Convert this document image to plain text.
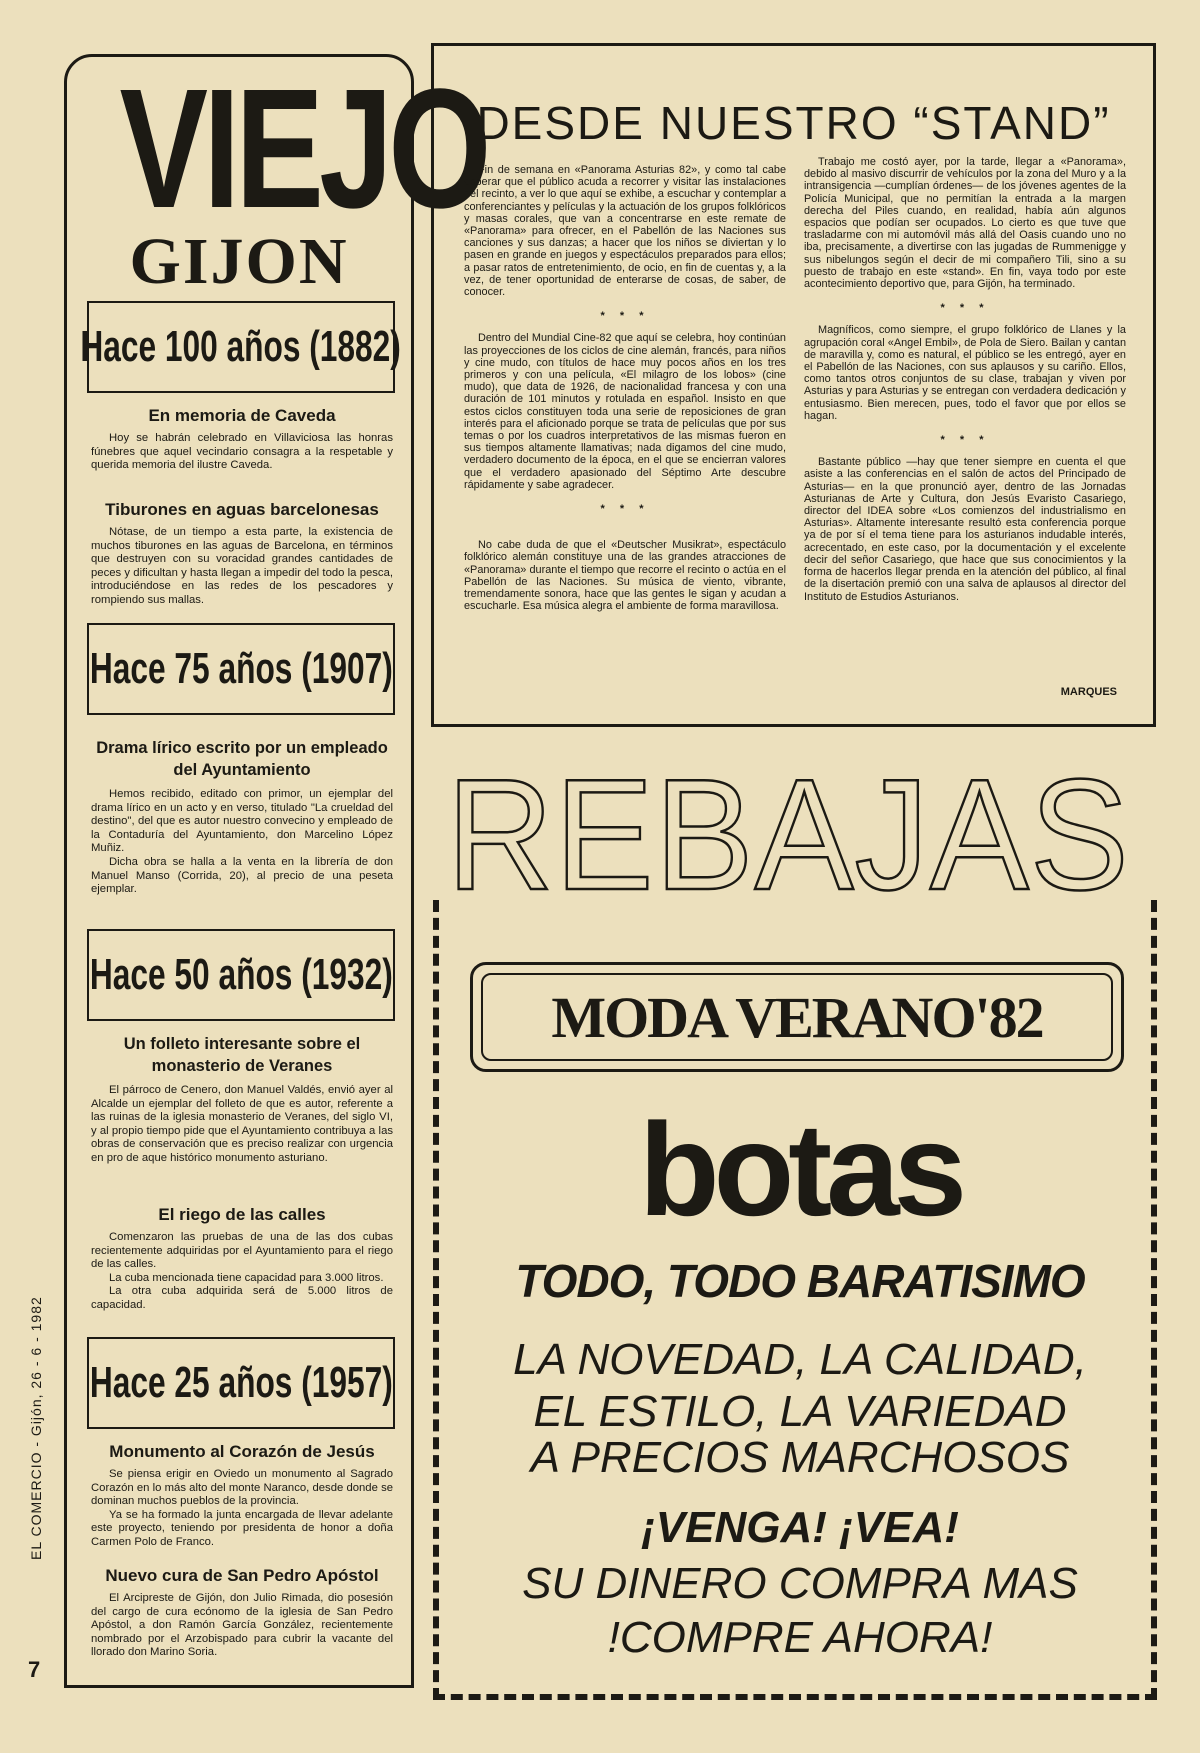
VIEJO
GIJON
Hace 100 años (1882)
En memoria de Caveda

Hoy se habrán celebrado en Villaviciosa las honras fúnebres que aquel vecindario consagra a la respetable y querida memoria del ilustre Caveda.

Tiburones en aguas barcelonesas

Nótase, de un tiempo a esta parte, la existencia de muchos tiburones en las aguas de Barcelona, en términos que destruyen con su voracidad grandes cantidades de peces y dificultan y hasta llegan a impedir del todo la pesca, introduciéndose en las redes de los pescadores y rompiendo sus mallas.

Hace 75 años (1907)
Drama lírico escrito por un empleado del Ayuntamiento

Hemos recibido, editado con primor, un ejemplar del drama lírico en un acto y en verso, titulado "La crueldad del destino", del que es autor nuestro convecino y empleado de la Contaduría del Ayuntamiento, don Marcelino López Muñiz.

Dicha obra se halla a la venta en la librería de don Manuel Manso (Corrida, 20), al precio de una peseta ejemplar.

Hace 50 años (1932)
Un folleto interesante sobre el monasterio de Veranes

El párroco de Cenero, don Manuel Valdés, envió ayer al Alcalde un ejemplar del folleto de que es autor, referente a las ruinas de la iglesia monasterio de Veranes, del siglo VI, y al propio tiempo pide que el Ayuntamiento contribuya a las obras de conservación que es preciso realizar con urgencia en pro de aque histórico monumento asturiano.

El riego de las calles

Comenzaron las pruebas de una de las dos cubas recientemente adquiridas por el Ayuntamiento para el riego de las calles.

La cuba mencionada tiene capacidad para 3.000 litros.

La otra cuba adquirida será de 5.000 litros de capacidad.

Hace 25 años (1957)
Monumento al Corazón de Jesús

Se piensa erigir en Oviedo un monumento al Sagrado Corazón en lo más alto del monte Naranco, desde donde se dominan muchos pueblos de la provincia.

Ya se ha formado la junta encargada de llevar adelante este proyecto, teniendo por presidenta de honor a doña Carmen Polo de Franco.

Nuevo cura de San Pedro Apóstol

El Arcipreste de Gijón, don Julio Rimada, dio posesión del cargo de cura ecónomo de la iglesia de San Pedro Apóstol, a don Ramón García González, recientemente nombrado por el Arzobispado para cubrir la vacante del llorado don Marino Soria.

DESDE NUESTRO “STAND”

Fin de semana en «Panorama Asturias 82», y como tal cabe esperar que el público acuda a recorrer y visitar las instalaciones del recinto, a ver lo que aquí se exhibe, a escuchar y contemplar a conferenciantes y películas y la actuación de los grupos folklóricos y masas corales, que van a concentrarse en este remate de «Panorama» para ofrecer, en el Pabellón de las Naciones sus canciones y sus danzas; a hacer que los niños se diviertan y lo pasen en grande en juegos y espectáculos preparados para ellos; a pasar ratos de entretenimiento, de ocio, en fin de cuentas y, a la vez, de tener oportunidad de enterarse de cosas, de saber, de conocer.

* * *

Dentro del Mundial Cine-82 que aquí se celebra, hoy continúan las proyecciones de los ciclos de cine alemán, francés, para niños y cine mudo, con títulos de hace muy pocos años en los tres primeros y con una película, «El milagro de los lobos» (cine mudo), que data de 1926, de nacionalidad francesa y con una duración de 101 minutos y rotulada en español. Insisto en que estos ciclos constituyen toda una serie de reposiciones de gran interés para el aficionado porque se trata de películas que por sus temas o por los cuadros interpretativos de las mismas fueron en sus tiempos altamente llamativas; nada digamos del cine mudo, verdadero documento de la época, en el que se encierran valores que el verdadero apasionado del Séptimo Arte descubre rápidamente y sabe agradecer.

* * *

No cabe duda de que el «Deutscher Musikrat», espectáculo folklórico alemán constituye una de las grandes atracciones de «Panorama» durante el tiempo que recorre el recinto o actúa en el Pabellón de las Naciones. Su música de viento, vibrante, tremendamente sonora, hace que las gentes le sigan y acudan a escucharle. Esa música alegra el ambiente de forma maravillosa.

Trabajo me costó ayer, por la tarde, llegar a «Panorama», debido al masivo discurrir de vehículos por la zona del Muro y a la intransigencia —cumplían órdenes— de los jóvenes agentes de la Policía Municipal, que no permitían la entrada a la margen derecha del Piles cuando, en realidad, había aún algunos espacios que podían ser ocupados. Lo cierto es que tuve que trasladarme con mi automóvil más allá del Oasis cuando uno no iba, precisamente, a divertirse con las jugadas de Rummenigge y sus nibelungos según el decir de mi compañero Tili, sino a su puesto de trabajo en este «stand». En fin, vaya todo por este acontecimiento deportivo que, para Gijón, ha terminado.

* * *

Magníficos, como siempre, el grupo folklórico de Llanes y la agrupación coral «Angel Embil», de Pola de Siero. Bailan y cantan de maravilla y, como es natural, el público se les entregó, ayer en el Pabellón de las Naciones, con sus aplausos y su cariño. Ellos, como tantos otros conjuntos de su clase, trabajan y viven por Asturias y para Asturias y se entregan con verdadera dedicación y entusiasmo. Bien merecen, pues, todo el favor que por ellos se hagan.

* * *

Bastante público —hay que tener siempre en cuenta el que asiste a las conferencias en el salón de actos del Principado de Asturias— en la que pronunció ayer, dentro de las Jornadas Asturianas de Arte y Cultura, don Jesús Evaristo Casariego, director del IDEA sobre «Los comienzos del industrialismo en Asturias». Altamente interesante resultó esta conferencia porque ya de por sí el tema tiene para los asturianos indudable interés, acrecentado, en este caso, por la documentación y el excelente decir del señor Casariego, que hace que sus conocimientos y la forma de hacerlos llegar prenda en la atención del público, al final de la disertación premió con una salva de aplausos al director del Instituto de Estudios Asturianos.

MARQUES
REBAJAS
MODA VERANO'82
botas
TODO, TODO BARATISIMO
LA NOVEDAD, LA CALIDAD,
EL ESTILO, LA VARIEDAD
A PRECIOS MARCHOSOS
¡VENGA! ¡VEA!
SU DINERO COMPRA MAS
!COMPRE AHORA!
EL COMERCIO - Gijón, 26 - 6 - 1982
7
